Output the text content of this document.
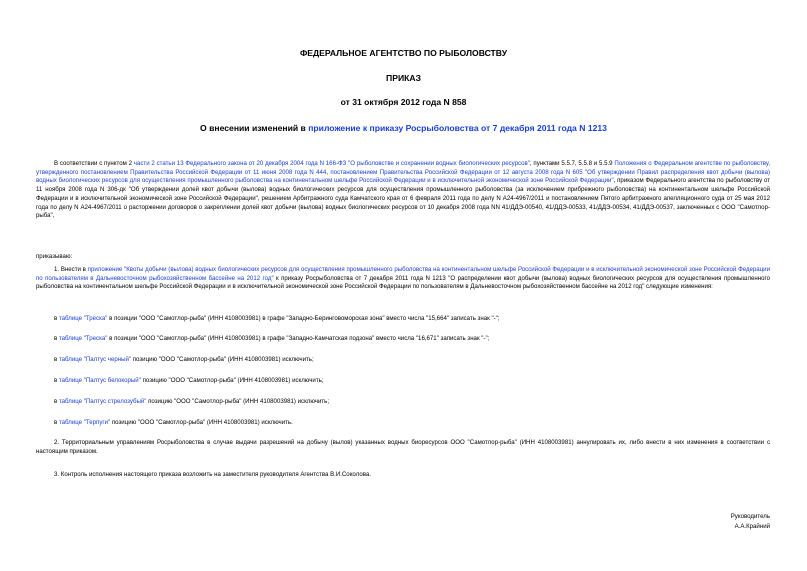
ФЕДЕРАЛЬНОЕ АГЕНТСТВО ПО РЫБОЛОВСТВУ
ПРИКАЗ
от 31 октября 2012 года N 858
О внесении изменений в приложение к приказу Росрыболовства от 7 декабря 2011 года N 1213
В соответствии с пунктом 2 части 2 статьи 13 Федерального закона от 20 декабря 2004 года N 166-ФЗ "О рыболовстве и сохранении водных биологических ресурсов", пунктами 5.5.7, 5.5.8 и 5.5.9 Положения о Федеральном агентстве по рыболовству, утвержденного постановлением Правительства Российской Федерации от 11 июня 2008 года N 444, постановлением Правительства Российской Федерации от 12 августа 2008 года N 605 "Об утверждении Правил распределения квот добычи (вылова) водных биологических ресурсов для осуществления промышленного рыболовства на континентальном шельфе Российской Федерации и в исключительной экономической зоне Российской Федерации", приказом Федерального агентства по рыболовству от 11 ноября 2008 года N 306-дк "Об утверждении долей квот добычи (вылова) водных биологических ресурсов для осуществления промышленного рыболовства (за исключением прибрежного рыболовства) на континентальном шельфе Российской Федерации и в исключительной экономической зоне Российской Федерации", решением Арбитражного суда Камчатского края от 6 февраля 2011 года по делу N А24-4967/2011 и постановлением Пятого арбитражного апелляционного суда от 25 мая 2012 года по делу N А24-4967/2011 о расторжении договоров о закреплении долей квот добычи (вылова) водных биологических ресурсов от 10 декабря 2008 года NN 41/ДДЭ-00540, 41/ДДЭ-00533, 41/ДДЭ-00534, 41/ДДЭ-00537, заключенных с ООО "Самотлор-рыба",
приказываю:
1. Внести в приложение "Квоты добычи (вылова) водных биологических ресурсов для осуществления промышленного рыболовства на континентальном шельфе Российской Федерации и в исключительной экономической зоне Российской Федерации по пользователям в Дальневосточном рыбохозяйственном бассейне на 2012 год" к приказу Росрыболовства от 7 декабря 2011 года N 1213 "О распределении квот добычи (вылова) водных биологических ресурсов для осуществления промышленного рыболовства на континентальном шельфе Российской Федерации и в исключительной экономической зоне Российской Федерации по пользователям в Дальневосточном рыбохозяйственном бассейне на 2012 год" следующие изменения:
в таблице "Треска" в позиции "ООО "Самотлор-рыба" (ИНН 4108003981) в графе "Западно-Беринговоморская зона" вместо числа "15,664" записать знак "-";
в таблице "Треска" в позиции "ООО "Самотлор-рыба" (ИНН 4108003981) в графе "Западно-Камчатская подзона" вместо числа "16,671" записать знак "-";
в таблице "Палтус черный" позицию "ООО "Самотлор-рыба" (ИНН 4108003981) исключить;
в таблице "Палтус белокорый" позицию "ООО "Самотлор-рыба" (ИНН 4108003981) исключить;
в таблице "Палтус стрелозубый" позицию "ООО "Самотлор-рыба" (ИНН 4108003981) исключить;
в таблице "Терпуги" позицию "ООО "Самотлор-рыба" (ИНН 4108003981) исключить.
2. Территориальным управлениям Росрыболовства в случае выдачи разрешений на добычу (вылов) указанных водных биоресурсов ООО "Самотлор-рыба" (ИНН 4108003981) аннулировать их, либо внести в них изменения в соответствии с настоящим приказом.
3. Контроль исполнения настоящего приказа возложить на заместителя руководителя Агентства В.И.Соколова.
Руководитель
А.А.Крайний
